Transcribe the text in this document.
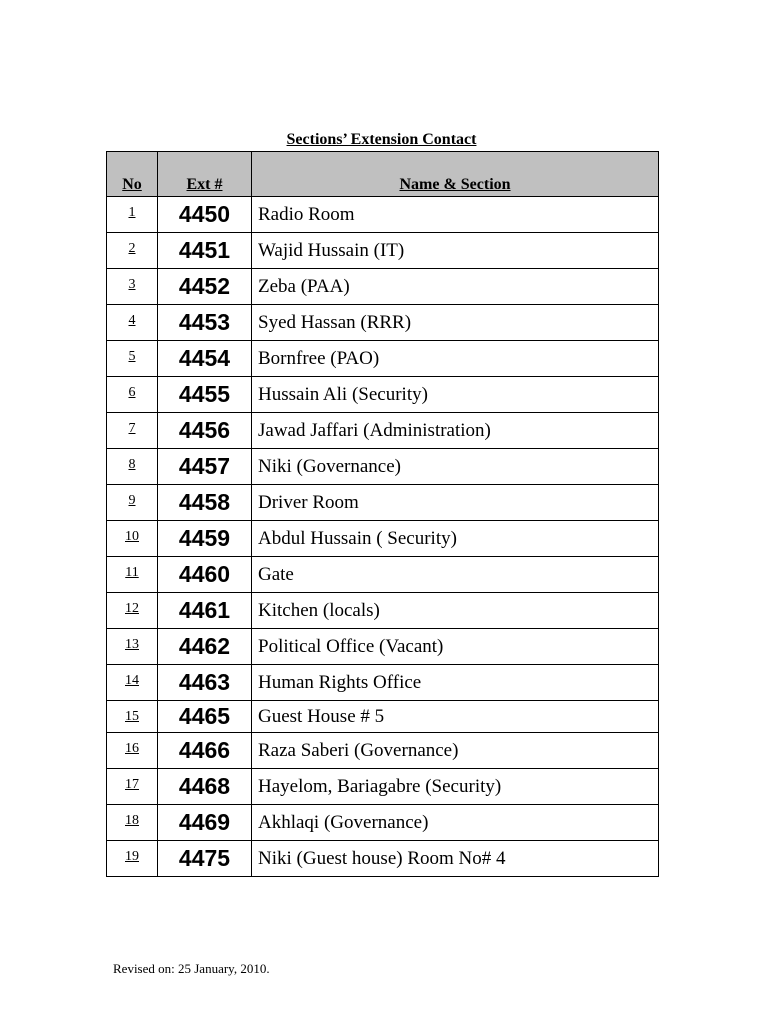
Sections’ Extension Contact
No	Ext #	Name & Section
1	4450	Radio Room
2	4451	Wajid Hussain (IT)
3	4452	Zeba (PAA)
4	4453	Syed Hassan (RRR)
5	4454	Bornfree (PAO)
6	4455	Hussain Ali (Security)
7	4456	Jawad Jaffari (Administration)
8	4457	Niki (Governance)
9	4458	Driver Room
10	4459	Abdul Hussain ( Security)
11	4460	Gate
12	4461	Kitchen (locals)
13	4462	Political Office (Vacant)
14	4463	Human Rights Office
15	4465	Guest House # 5
16	4466	Raza Saberi (Governance)
17	4468	Hayelom, Bariagabre (Security)
18	4469	Akhlaqi (Governance)
19	4475	Niki (Guest house) Room No# 4
Revised on: 25 January, 2010.
